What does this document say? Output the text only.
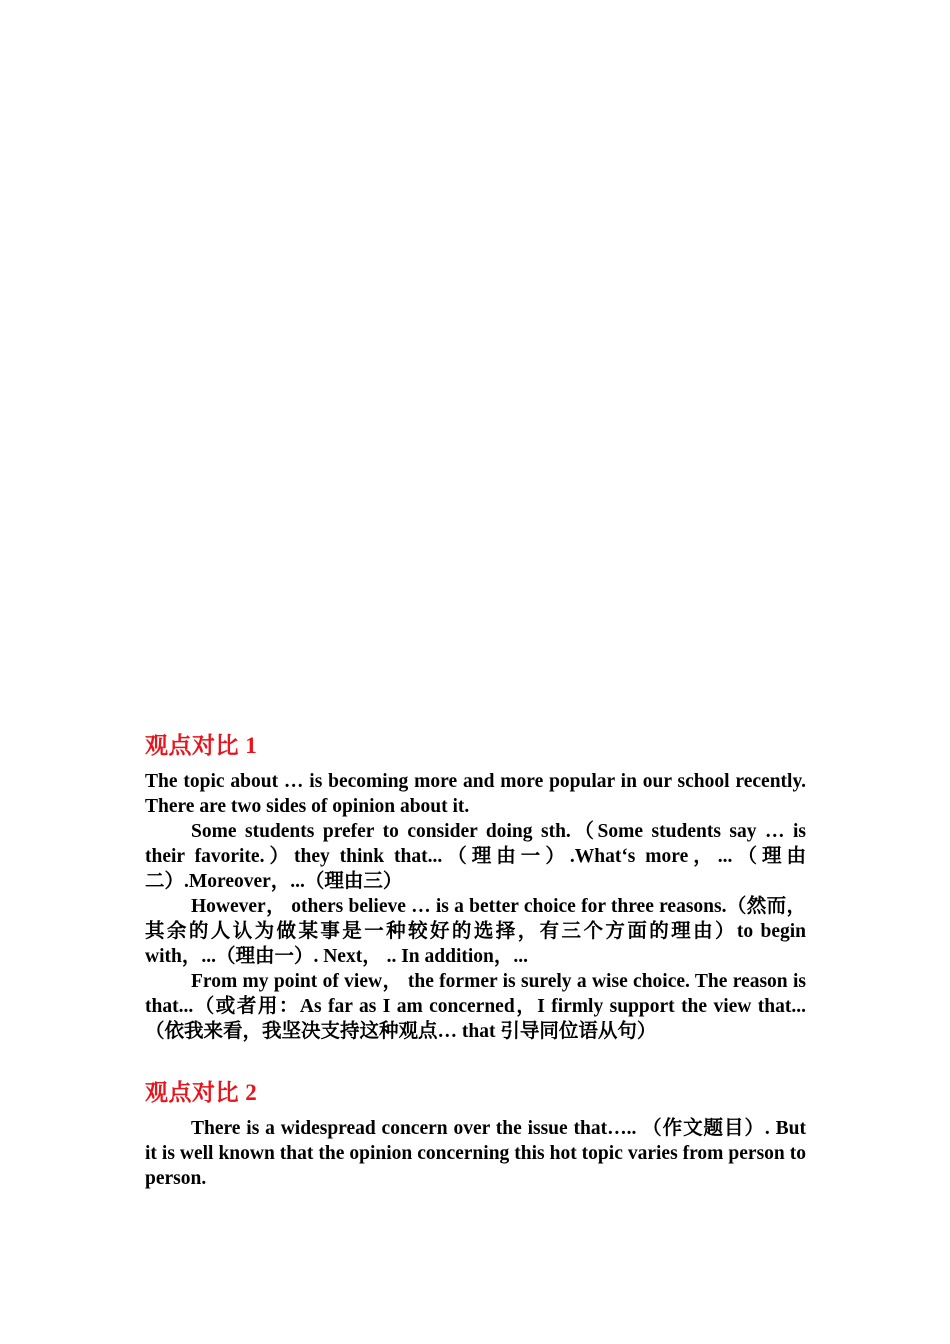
观点对比 1

The topic about … is becoming more and more popular in our school recently. There are two sides of opinion about it.

Some students prefer to consider doing sth.（Some students say … is their favorite.）they think that...（理由一）.What‘s more，...（理由二）.Moreover，...（理由三）

However， others believe … is a better choice for three reasons.（然而，其余的人认为做某事是一种较好的选择，有三个方面的理由）to begin with，...（理由一）. Next， .. In addition，...

From my point of view， the former is surely a wise choice. The reason is that...（或者用：As far as I am concerned，I firmly support the view that...（依我来看，我坚决支持这种观点… that 引导同位语从句）

观点对比 2

There is a widespread concern over the issue that….. （作文题目）. But it is well known that the opinion concerning this hot topic varies from person to person.
